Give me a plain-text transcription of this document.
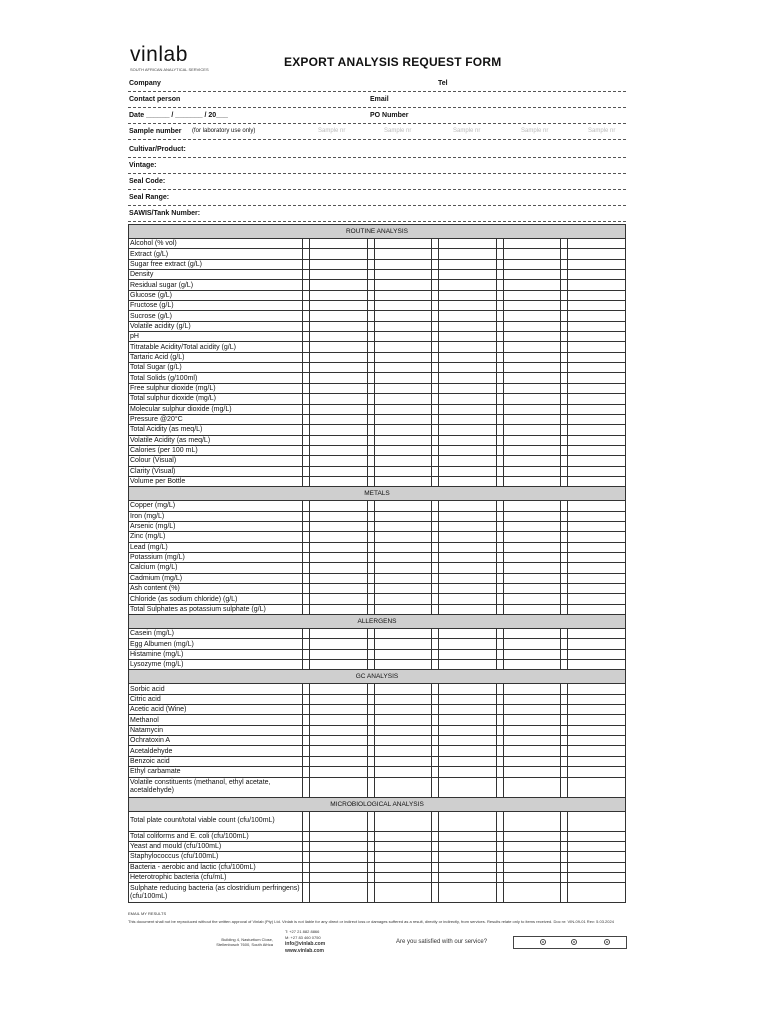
vinlab
SOUTH AFRICAN ANALYTICAL SERVICES
EXPORT ANALYSIS REQUEST FORM
Company	Tel
Contact person	Email
Date ______ / _______ / 20___	PO Number
Sample number (for laboratory use only)	Sample nr	Sample nr	Sample nr	Sample nr	Sample nr
Cultivar/Product:
Vintage:
Seal Code:
Seal Range:
SAWIS/Tank Number:
ROUTINE ANALYSIS										
Alcohol (% vol)										
Extract (g/L)										
Sugar free extract (g/L)										
Density										
Residual sugar (g/L)										
Glucose (g/L)										
Fructose (g/L)										
Sucrose (g/L)										
Volatile acidity (g/L)										
pH										
Titratable Acidity/Total acidity (g/L)										
Tartaric Acid (g/L)										
Total Sugar (g/L)										
Total Solids (g/100ml)										
Free sulphur dioxide (mg/L)										
Total sulphur dioxide (mg/L)										
Molecular sulphur dioxide (mg/L)										
Pressure @20°C										
Total Acidity (as meq/L)										
Volatile Acidity (as meq/L)										
Calories (per 100 mL)										
Colour (Visual)										
Clarity (Visual)										
Volume per Bottle										
METALS										
Copper (mg/L)										
Iron (mg/L)										
Arsenic (mg/L)										
Zinc (mg/L)										
Lead (mg/L)										
Potassium (mg/L)										
Calcium (mg/L)										
Cadmium (mg/L)										
Ash content (%)										
Chloride (as sodium chloride) (g/L)										
Total Sulphates as potassium sulphate (g/L)										
ALLERGENS										
Casein (mg/L)										
Egg Albumen (mg/L)										
Histamine (mg/L)										
Lysozyme (mg/L)										
GC ANALYSIS										
Sorbic acid										
Citric acid										
Acetic acid (Wine)										
Methanol										
Natamycin										
Ochratoxin A										
Acetaldehyde										
Benzoic acid										
Ethyl carbamate										
Volatile constituents (methanol, ethyl acetate, acetaldehyde)										
MICROBIOLOGICAL ANALYSIS										
Total plate count/total viable count (cfu/100mL)										
Total coliforms and E. coli (cfu/100mL)										
Yeast and mould (cfu/100mL)										
Staphylococcus (cfu/100mL)										
Bacteria - aerobic and lactic (cfu/100mL)										
Heterotrophic bacteria (cfu/mL)										
Sulphate reducing bacteria (as clostridium perfringens) (cfu/100mL)										
EMAIL MY RESULTS
This document shall not be reproduced without the written approval of Vinlab (Pty) Ltd. Vinlab is not liable for any direct or indirect loss or damages suffered as a result, directly or indirectly, from services. Results relate only to items received. Doc nr: VIN-09-01 Rev: 5.03.2024
Building 4, Nasturtium Close, Stellenbosch 7600, South Africa
T: +27 21 882 8866
M: +27 83 460 0750
info@vinlab.com
www.vinlab.com
Are you satisfied with our service?
